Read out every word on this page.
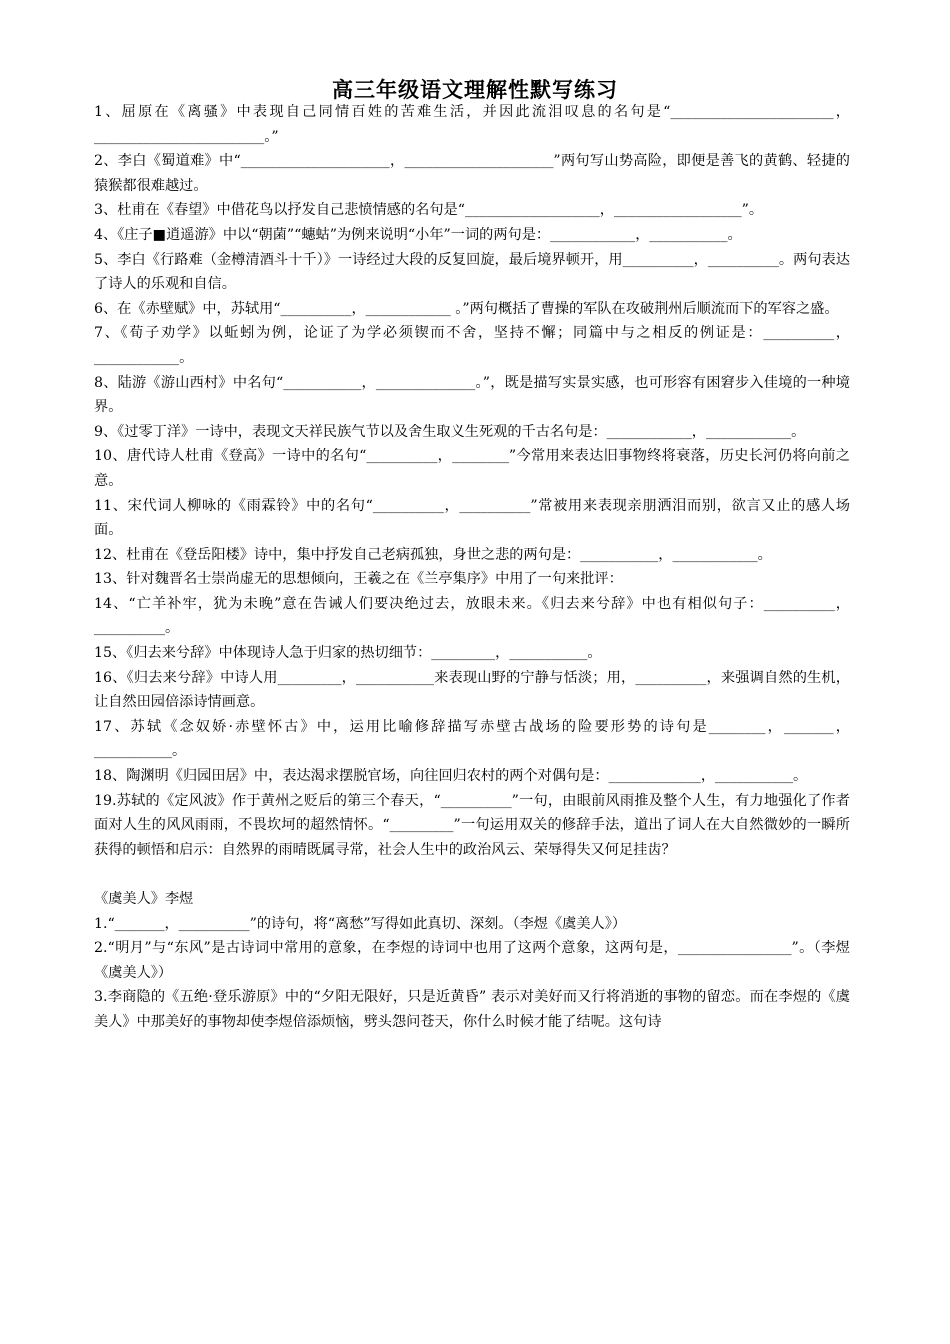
高三年级语文理解性默写练习

1、屈原在《离骚》中表现自己同情百姓的苦难生活，并因此流泪叹息的名句是“_______________________，________________________。”

2、李白《蜀道难》中“_____________________，_____________________”两句写山势高险，即便是善飞的黄鹤、轻捷的猿猴都很难越过。

3、杜甫在《春望》中借花鸟以抒发自己悲愤情感的名句是“___________________，__________________”。

4、《庄子■逍遥游》中以“朝菌”“蟪蛄”为例来说明“小年”一词的两句是：____________，___________。

5、李白《行路难（金樽清酒斗十千）》一诗经过大段的反复回旋，最后境界顿开，用__________，__________。两句表达了诗人的乐观和自信。

6、在《赤壁赋》中，苏轼用“__________，____________ 。”两句概括了曹操的军队在攻破荆州后顺流而下的军容之盛。

7、《荀子劝学》以蚯蚓为例，论证了为学必须锲而不舍，坚持不懈；同篇中与之相反的例证是：__________，____________。

8、陆游《游山西村》中名句“___________，______________。”，既是描写实景实感，也可形容有困窘步入佳境的一种境界。

9、《过零丁洋》一诗中，表现文天祥民族气节以及舍生取义生死观的千古名句是：____________，____________。

10、唐代诗人杜甫《登高》一诗中的名句“__________，________”今常用来表达旧事物终将衰落，历史长河仍将向前之意。

11、宋代词人柳咏的《雨霖铃》中的名句“__________，__________”常被用来表现亲朋洒泪而别，欲言又止的感人场面。

12、杜甫在《登岳阳楼》诗中，集中抒发自己老病孤独，身世之悲的两句是：___________，____________。

13、针对魏晋名士崇尚虚无的思想倾向，王羲之在《兰亭集序》中用了一句来批评：

14、“亡羊补牢，犹为未晚”意在告诫人们要决绝过去，放眼未来。《归去来兮辞》中也有相似句子：__________，__________。

15、《归去来兮辞》中体现诗人急于归家的热切细节：_________，___________。

16、《归去来兮辞》中诗人用_________，___________来表现山野的宁静与恬淡；用，__________，来强调自然的生机，让自然田园倍添诗情画意。

17、苏轼《念奴娇·赤壁怀古》中，运用比喻修辞描写赤壁古战场的险要形势的诗句是________，_______，___________。

18、陶渊明《归园田居》中，表达渴求摆脱官场，向往回归农村的两个对偶句是：_____________，___________。

19.苏轼的《定风波》作于黄州之贬后的第三个春天，“__________”一句，由眼前风雨推及整个人生，有力地强化了作者面对人生的风风雨雨，不畏坎坷的超然情怀。“_________”一句运用双关的修辞手法，道出了词人在大自然微妙的一瞬所获得的顿悟和启示：自然界的雨晴既属寻常，社会人生中的政治风云、荣辱得失又何足挂齿？

《虞美人》李煜

1.“_______，__________”的诗句，将“离愁”写得如此真切、深刻。（李煜《虞美人》）

2.“明月”与“东风”是古诗词中常用的意象，在李煜的诗词中也用了这两个意象，这两句是，________________”。（李煜《虞美人》）

3.李商隐的《五绝·登乐游原》中的“夕阳无限好，只是近黄昏” 表示对美好而又行将消逝的事物的留恋。而在李煜的《虞美人》中那美好的事物却使李煜倍添烦恼，劈头怨问苍天，你什么时候才能了结呢。这句诗
